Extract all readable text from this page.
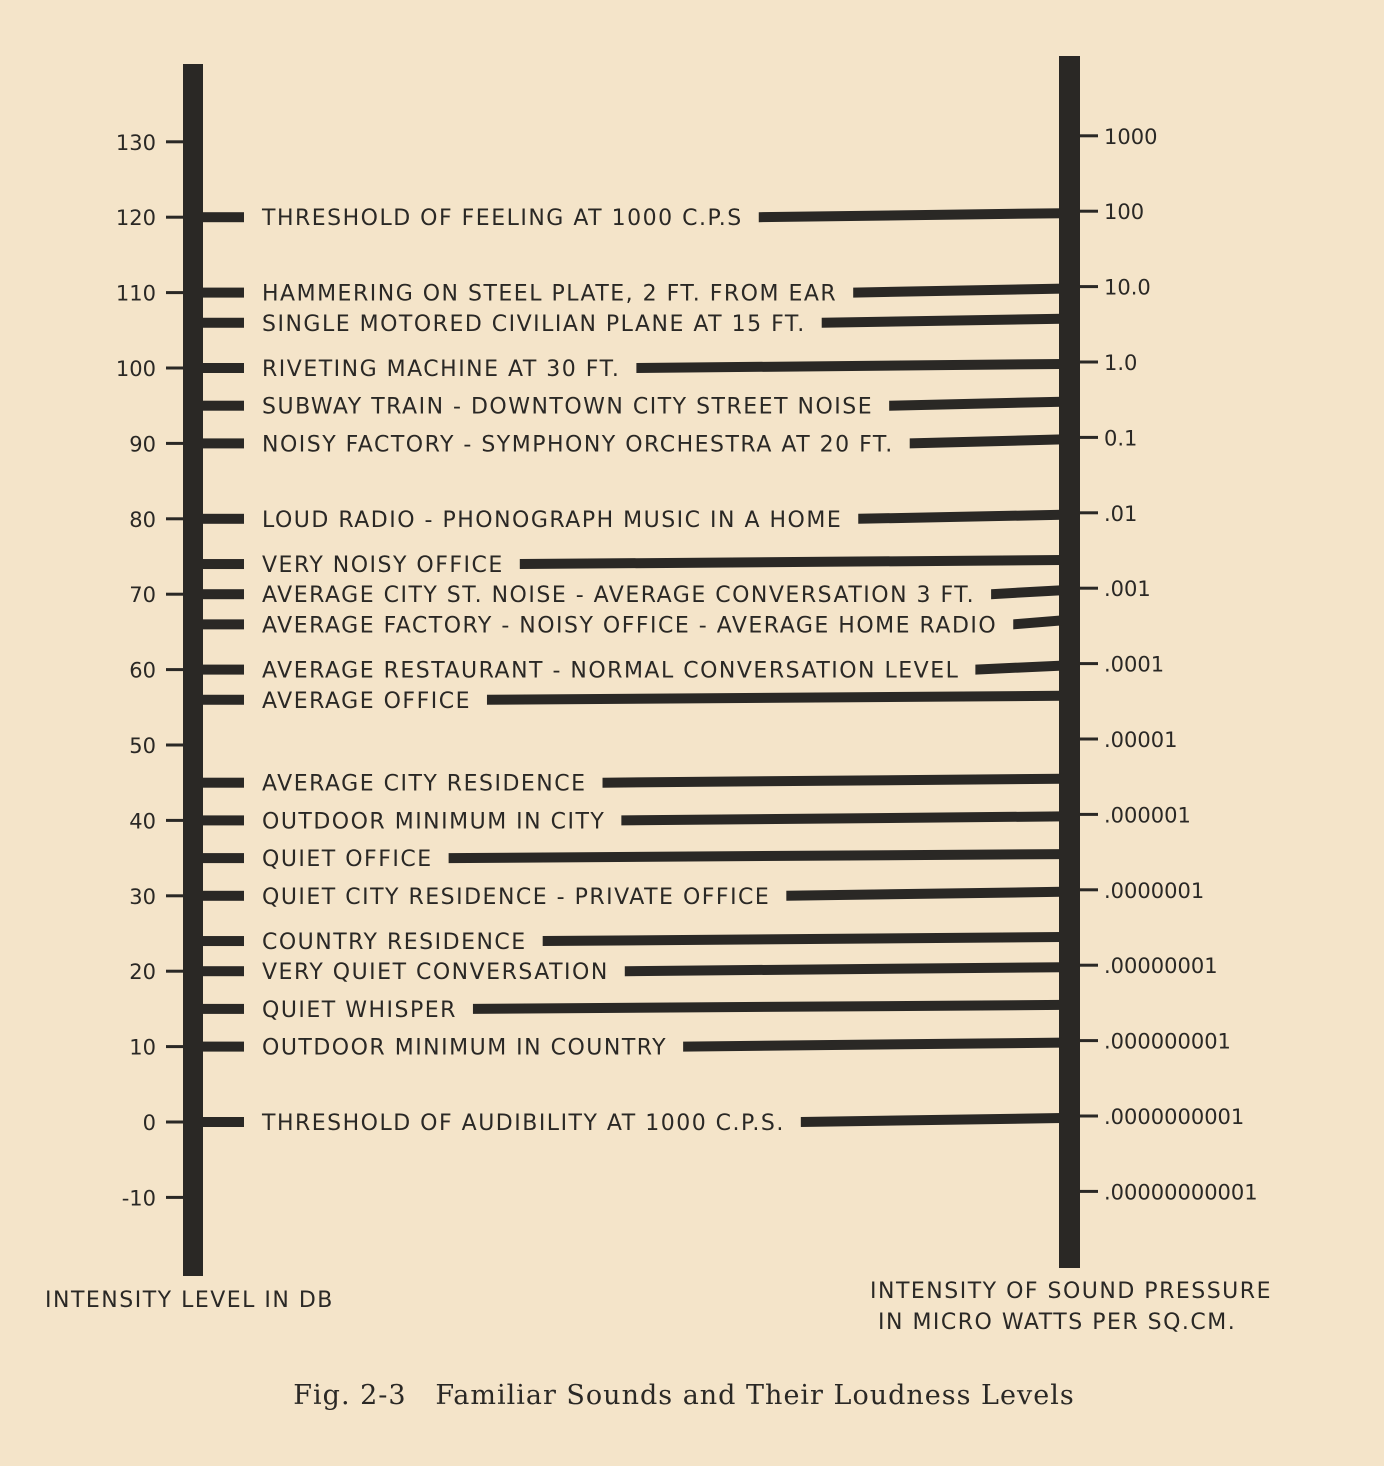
130
120
110
100
90
80
70
60
50
40
30
20
10
0
-10
1000
100
10.0
1.0
0.1
.01
.001
.0001
.00001
.000001
.0000001
.00000001
.000000001
.0000000001
.00000000001
THRESHOLD OF FEELING AT 1000 C.P.S
HAMMERING ON STEEL PLATE, 2 FT. FROM EAR
SINGLE MOTORED CIVILIAN PLANE AT 15 FT.
RIVETING MACHINE AT 30 FT.
SUBWAY TRAIN - DOWNTOWN CITY STREET NOISE
NOISY FACTORY - SYMPHONY ORCHESTRA AT 20 FT.
LOUD RADIO - PHONOGRAPH MUSIC IN A HOME
VERY NOISY OFFICE
AVERAGE CITY ST. NOISE - AVERAGE CONVERSATION 3 FT.
AVERAGE FACTORY - NOISY OFFICE - AVERAGE HOME RADIO
AVERAGE RESTAURANT - NORMAL CONVERSATION LEVEL
AVERAGE OFFICE
AVERAGE CITY RESIDENCE
OUTDOOR MINIMUM IN CITY
QUIET OFFICE
QUIET CITY RESIDENCE - PRIVATE OFFICE
COUNTRY RESIDENCE
VERY QUIET CONVERSATION
QUIET WHISPER
OUTDOOR MINIMUM IN COUNTRY
THRESHOLD OF AUDIBILITY AT 1000 C.P.S.
INTENSITY LEVEL IN DB	INTENSITY OF SOUND PRESSURE
IN MICRO WATTS PER SQ.CM.
Fig. 2-3   Familiar Sounds and Their Loudness Levels
